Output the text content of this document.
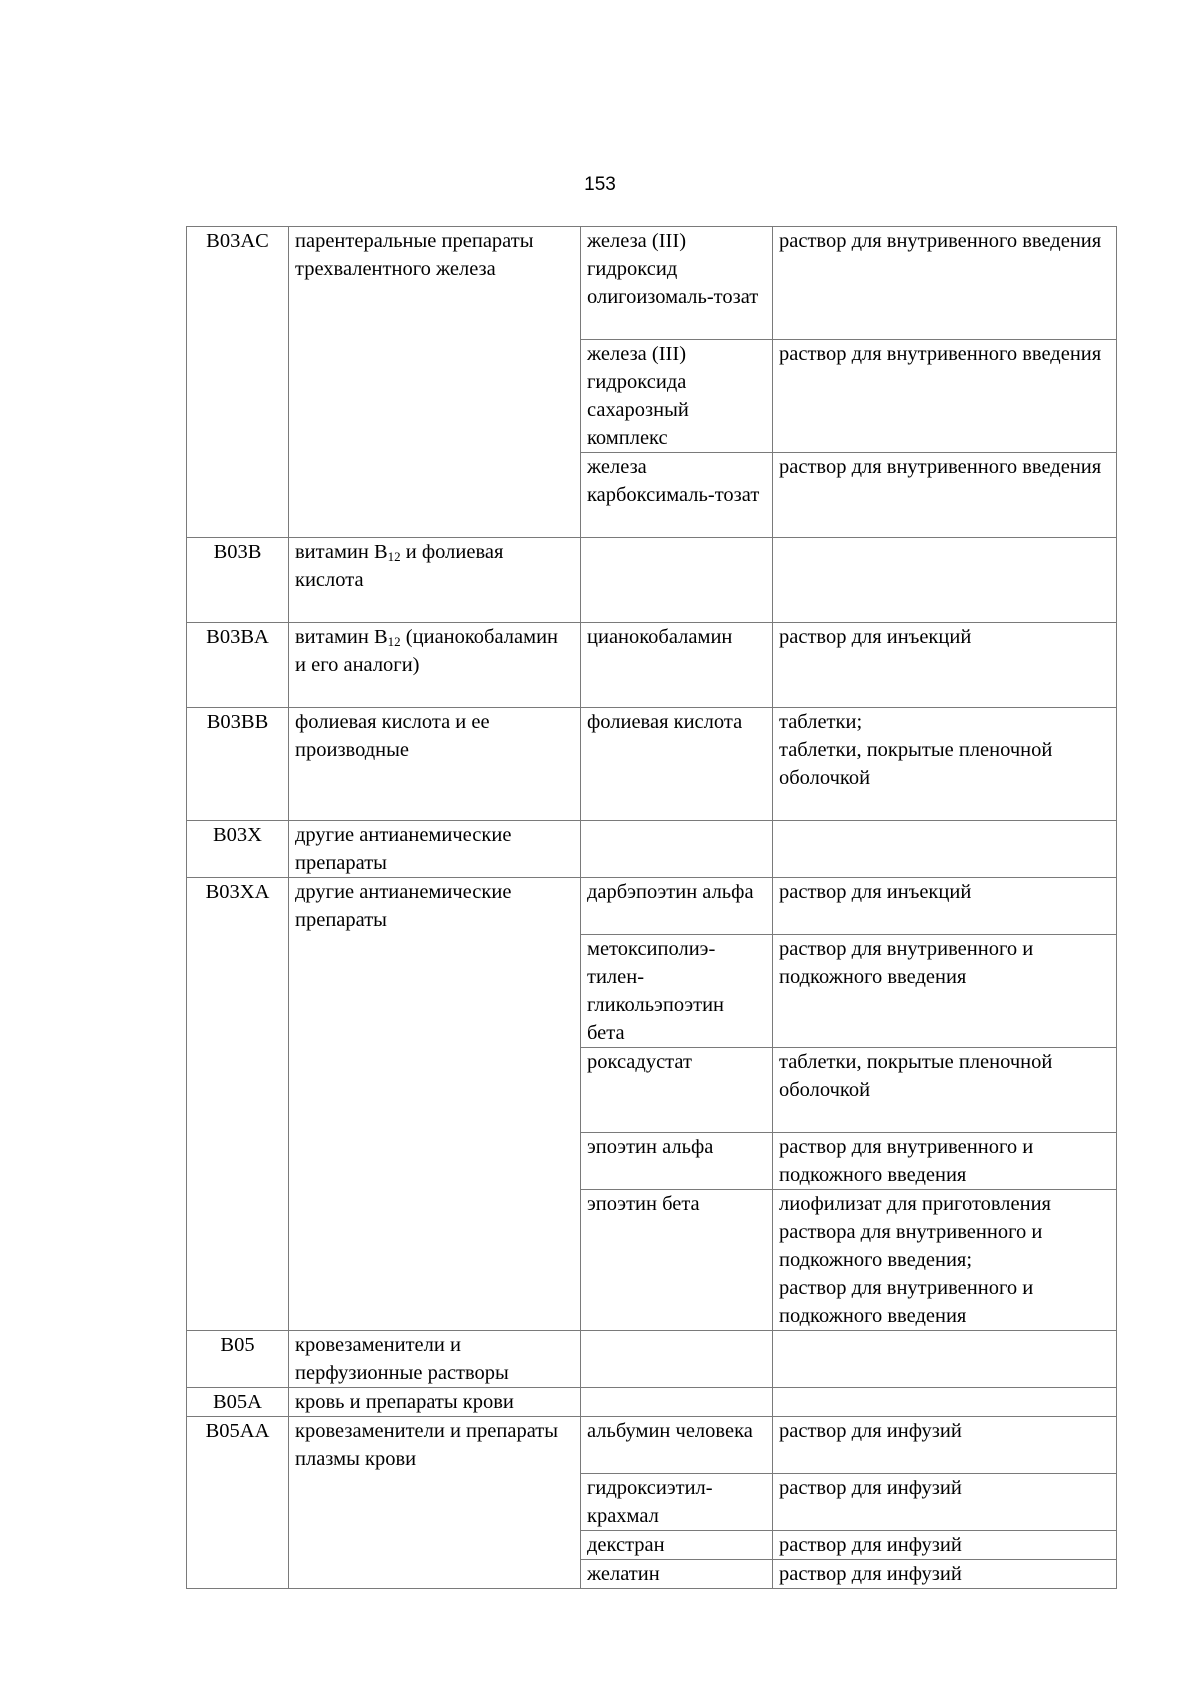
153
B03AC	парентеральные препараты трехвалентного железа	железа (III) гидроксид олигоизомаль-тозат	раствор для внутривенного введения
		железа (III) гидроксида сахарозный комплекс	раствор для внутривенного введения
		железа карбоксималь-тозат	раствор для внутривенного введения
B03B	витамин $B_{12}$ и фолиевая кислота		
B03BA	витамин $B_{12}$ (цианокобаламин и его аналоги)	цианокобаламин	раствор для инъекций
B03BB	фолиевая кислота и ее производные	фолиевая кислота	таблетки;
таблетки, покрытые пленочной оболочкой

B03X	другие антианемические препараты		
B03XA	другие антианемические препараты	дарбэпоэтин альфа	раствор для инъекций
		метоксиполиэ-тилен-гликольэпоэтин бета	раствор для внутривенного и подкожного введения
		роксадустат	таблетки, покрытые пленочной оболочкой
		эпоэтин альфа	раствор для внутривенного и подкожного введения
		эпоэтин бета	лиофилизат для приготовления раствора для внутривенного и подкожного введения;
раствор для внутривенного и подкожного введения

B05	кровезаменители и перфузионные растворы		
B05A	кровь и препараты крови		
B05AA	кровезаменители и препараты плазмы крови	альбумин человека	раствор для инфузий
		гидроксиэтил-крахмал	раствор для инфузий
		декстран	раствор для инфузий
		желатин	раствор для инфузий
